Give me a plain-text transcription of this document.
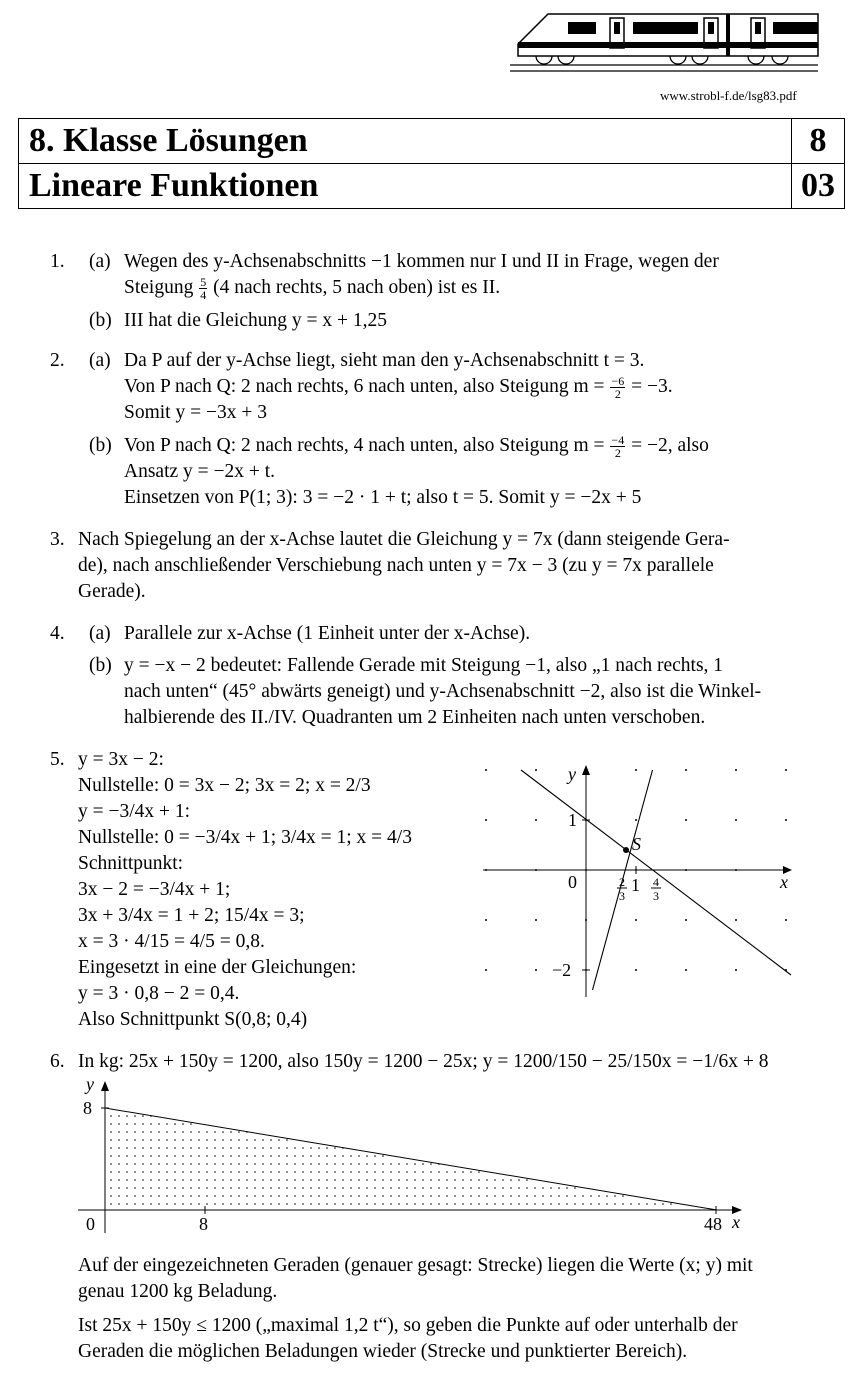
www.strobl-f.de/lsg83.pdf
8. Klasse Lösungen	8
Lineare Funktionen	03
1. (a) Wegen des y-Achsenabschnitts −1 kommen nur I und II in Frage, wegen der
Steigung $\frac{5}{4} (4$ nach rechts, 5 nach oben) ist es II.
(b) III hat die Gleichung y = x + 1,25
2. (a) Da P auf der y-Achse liegt, sieht man den y-Achsenabschnitt t = 3.
Von P nach Q: 2 nach rechts, 6 nach unten, also Steigung $m = \frac{-6}{2} = -3$.
Somit y = −3x + 3
(b) Von P nach Q: 2 nach rechts, 4 nach unten, also Steigung $m = \frac{-4}{2} = -2$, also
Ansatz y = −2x + t.
Einsetzen von P(1; 3): 3 = −2 · 1 + t; also t = 5. Somit y = −2x + 5
3. Nach Spiegelung an der x-Achse lautet die Gleichung y = 7x (dann steigende Gera-
de), nach anschließender Verschiebung nach unten y = 7x − 3 (zu y = 7x parallele
Gerade).
4. (a) Parallele zur x-Achse (1 Einheit unter der x-Achse).
(b) y = −x − 2 bedeutet: Fallende Gerade mit Steigung −1, also „1 nach rechts, 1
nach unten“ (45° abwärts geneigt) und y-Achsenabschnitt −2, also ist die Winkel-
halbierende des II./IV. Quadranten um 2 Einheiten nach unten verschoben.
5. y = 3x − 2:
Nullstelle: 0 = 3x − 2; 3x = 2; x = 2/3
y = −3/4x + 1:
Nullstelle: 0 = −3/4x + 1; 3/4x = 1; x = 4/3
Schnittpunkt:
3x − 2 = −3/4x + 1;
3x + 3/4x = 1 + 2; 15/4x = 3;
x = 3 · 4/15 = 4/5 = 0,8.
Eingesetzt in eine der Gleichungen:
y = 3 · 0,8 − 2 = 0,4.
Also Schnittpunkt S(0,8; 0,4)
y
x
0
1
−2
1
2
3
4
3
S
6. In kg: 25x + 150y = 1200, also 150y = 1200 − 25x; y = 1200/150 − 25/150x = −1/6x + 8
y
x
0
8
8	48
Auf der eingezeichneten Geraden (genauer gesagt: Strecke) liegen die Werte (x; y) mit
genau 1200 kg Beladung.
Ist 25x + 150y ≤ 1200 („maximal 1,2 t“), so geben die Punkte auf oder unterhalb der
Geraden die möglichen Beladungen wieder (Strecke und punktierter Bereich).
